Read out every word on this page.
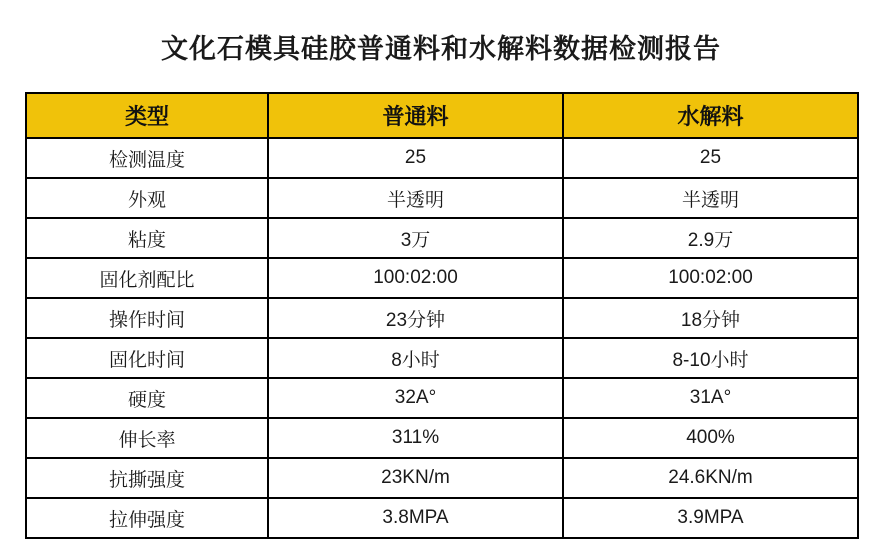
文化石模具硅胶普通料和水解料数据检测报告
类型	普通料	水解料
检测温度	25	25
外观	半透明	半透明
粘度	3万	2.9万
固化剂配比	100:02:00	100:02:00
操作时间	23分钟	18分钟
固化时间	8小时	8-10小时
硬度	32A°	31A°
伸长率	311%	400%
抗撕强度	23KN/m	24.6KN/m
拉伸强度	3.8MPA	3.9MPA
